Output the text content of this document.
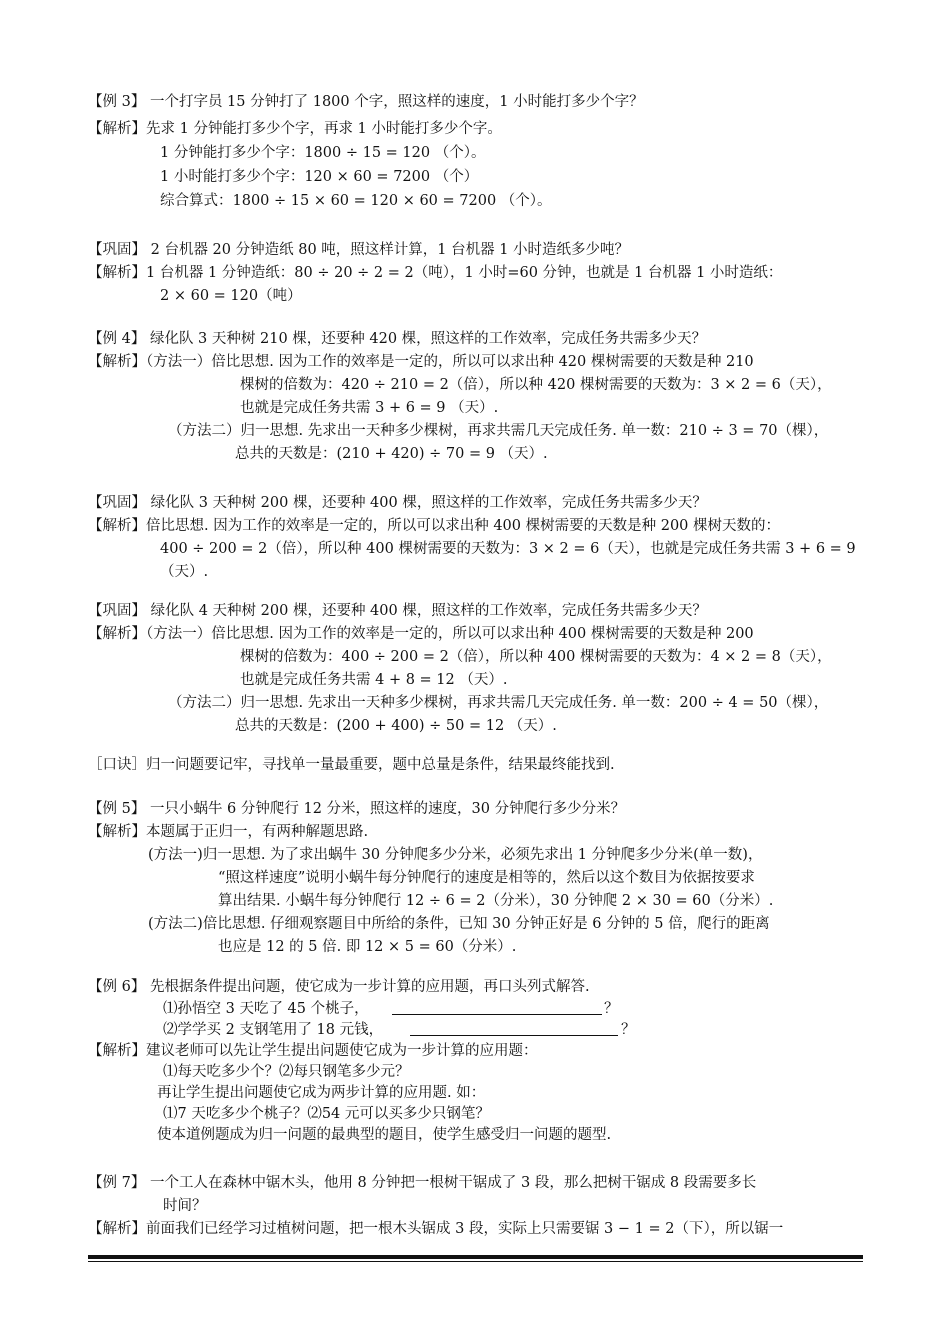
【例 3】 一个打字员 15 分钟打了 1800 个字，照这样的速度，1 小时能打多少个字？
【解析】先求 1 分钟能打多少个字，再求 1 小时能打多少个字。
1 分钟能打多少个字：1800 ÷ 15 = 120 （个）。
1 小时能打多少个字：120 × 60 = 7200 （个）
综合算式：1800 ÷ 15 × 60 = 120 × 60 = 7200 （个）。
【巩固】 2 台机器 20 分钟造纸 80 吨，照这样计算，1 台机器 1 小时造纸多少吨？
【解析】1 台机器 1 分钟造纸：80 ÷ 20 ÷ 2 = 2（吨），1 小时=60 分钟，也就是 1 台机器 1 小时造纸：
2 × 60 = 120（吨）
【例 4】 绿化队 3 天种树 210 棵，还要种 420 棵，照这样的工作效率，完成任务共需多少天？
【解析】（方法一）倍比思想. 因为工作的效率是一定的，所以可以求出种 420 棵树需要的天数是种 210
棵树的倍数为：420 ÷ 210 = 2（倍），所以种 420 棵树需要的天数为：3 × 2 = 6（天），
也就是完成任务共需 3 + 6 = 9 （天）.
（方法二）归一思想. 先求出一天种多少棵树，再求共需几天完成任务. 单一数：210 ÷ 3 = 70（棵），
总共的天数是：(210 + 420) ÷ 70 = 9 （天）.
【巩固】 绿化队 3 天种树 200 棵，还要种 400 棵，照这样的工作效率，完成任务共需多少天？
【解析】倍比思想. 因为工作的效率是一定的，所以可以求出种 400 棵树需要的天数是种 200 棵树天数的：
400 ÷ 200 = 2（倍），所以种 400 棵树需要的天数为：3 × 2 = 6（天），也就是完成任务共需 3 + 6 = 9
（天）.
【巩固】 绿化队 4 天种树 200 棵，还要种 400 棵，照这样的工作效率，完成任务共需多少天？
【解析】（方法一）倍比思想. 因为工作的效率是一定的，所以可以求出种 400 棵树需要的天数是种 200
棵树的倍数为：400 ÷ 200 = 2（倍），所以种 400 棵树需要的天数为：4 × 2 = 8（天），
也就是完成任务共需 4 + 8 = 12 （天）.
（方法二）归一思想. 先求出一天种多少棵树，再求共需几天完成任务. 单一数：200 ÷ 4 = 50（棵），
总共的天数是：(200 + 400) ÷ 50 = 12 （天）.
［口诀］归一问题要记牢，寻找单一量最重要，题中总量是条件，结果最终能找到.
【例 5】 一只小蜗牛 6 分钟爬行 12 分米，照这样的速度，30 分钟爬行多少分米？
【解析】本题属于正归一，有两种解题思路.
(方法一)归一思想. 为了求出蜗牛 30 分钟爬多少分米，必须先求出 1 分钟爬多少分米(单一数)，
“照这样速度”说明小蜗牛每分钟爬行的速度是相等的，然后以这个数目为依据按要求
算出结果. 小蜗牛每分钟爬行 12 ÷ 6 = 2（分米），30 分钟爬 2 × 30 = 60（分米）.
(方法二)倍比思想. 仔细观察题目中所给的条件，已知 30 分钟正好是 6 分钟的 5 倍，爬行的距离
也应是 12 的 5 倍. 即 12 × 5 = 60（分米）.
【例 6】 先根据条件提出问题，使它成为一步计算的应用题，再口头列式解答.
⑴孙悟空 3 天吃了 45 个桃子，	？
⑵学学买 2 支钢笔用了 18 元钱，	？
【解析】建议老师可以先让学生提出问题使它成为一步计算的应用题：
⑴每天吃多少个？⑵每只钢笔多少元？
再让学生提出问题使它成为两步计算的应用题. 如：
⑴7 天吃多少个桃子？⑵54 元可以买多少只钢笔？
使本道例题成为归一问题的最典型的题目，使学生感受归一问题的题型.
【例 7】 一个工人在森林中锯木头，他用 8 分钟把一根树干锯成了 3 段，那么把树干锯成 8 段需要多长
时间？
【解析】前面我们已经学习过植树问题，把一根木头锯成 3 段，实际上只需要锯 3 − 1 = 2（下），所以锯一
